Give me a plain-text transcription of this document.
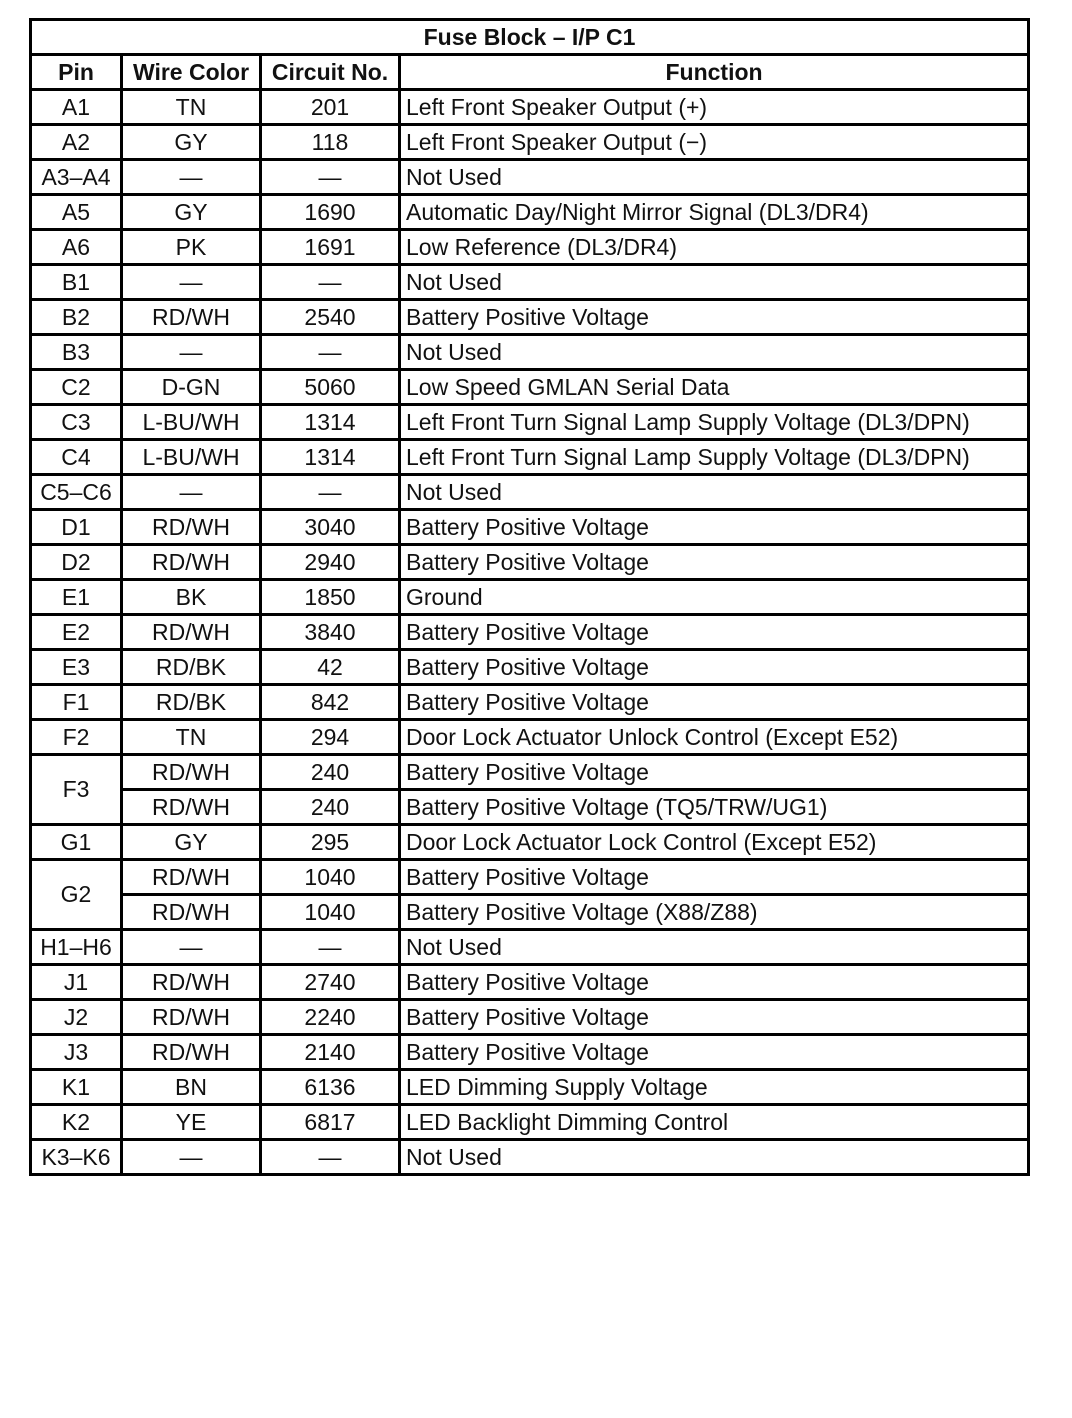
Fuse Block – I/P C1			
Pin	Wire Color	Circuit No.	Function
A1	TN	201	Left Front Speaker Output (+)
A2	GY	118	Left Front Speaker Output (−)
A3–A4	—	—	Not Used
A5	GY	1690	Automatic Day/Night Mirror Signal (DL3/DR4)
A6	PK	1691	Low Reference (DL3/DR4)
B1	—	—	Not Used
B2	RD/WH	2540	Battery Positive Voltage
B3	—	—	Not Used
C2	D-GN	5060	Low Speed GMLAN Serial Data
C3	L-BU/WH	1314	Left Front Turn Signal Lamp Supply Voltage (DL3/DPN)
C4	L-BU/WH	1314	Left Front Turn Signal Lamp Supply Voltage (DL3/DPN)
C5–C6	—	—	Not Used
D1	RD/WH	3040	Battery Positive Voltage
D2	RD/WH	2940	Battery Positive Voltage
E1	BK	1850	Ground
E2	RD/WH	3840	Battery Positive Voltage
E3	RD/BK	42	Battery Positive Voltage
F1	RD/BK	842	Battery Positive Voltage
F2	TN	294	Door Lock Actuator Unlock Control (Except E52)
F3	RD/WH	240	Battery Positive Voltage
	RD/WH	240	Battery Positive Voltage (TQ5/TRW/UG1)
G1	GY	295	Door Lock Actuator Lock Control (Except E52)
G2	RD/WH	1040	Battery Positive Voltage
	RD/WH	1040	Battery Positive Voltage (X88/Z88)
H1–H6	—	—	Not Used
J1	RD/WH	2740	Battery Positive Voltage
J2	RD/WH	2240	Battery Positive Voltage
J3	RD/WH	2140	Battery Positive Voltage
K1	BN	6136	LED Dimming Supply Voltage
K2	YE	6817	LED Backlight Dimming Control
K3–K6	—	—	Not Used
